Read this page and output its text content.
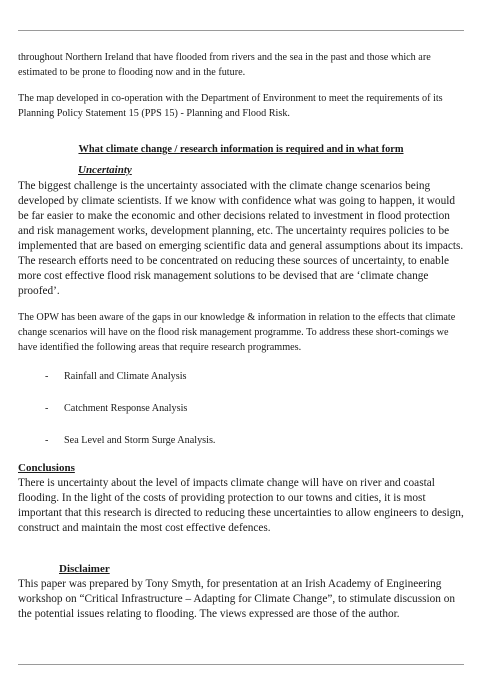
throughout Northern Ireland that have flooded from rivers and the sea in the past and those which are estimated to be prone to flooding now and in the future.

The map developed in co-operation with the Department of Environment to meet the requirements of its Planning Policy Statement 15 (PPS 15) - Planning and Flood Risk.

What climate change / research information is required and in what form

Uncertainty

The biggest challenge is the uncertainty associated with the climate change scenarios being developed by climate scientists. If we know with confidence what was going to happen, it would be far easier to make the economic and other decisions related to investment in flood protection and risk management works, development planning, etc. The uncertainty requires policies to be implemented that are based on emerging scientific data and general assumptions about its impacts. The research efforts need to be concentrated on reducing these sources of uncertainty, to enable more cost effective flood risk management solutions to be devised that are ‘climate change proofed’.

The OPW has been aware of the gaps in our knowledge & information in relation to the effects that climate change scenarios will have on the flood risk management programme. To address these short-comings we have identified the following areas that require research programmes.

- Rainfall and Climate Analysis
- Catchment Response Analysis
- Sea Level and Storm Surge Analysis.

Conclusions

There is uncertainty about the level of impacts climate change will have on river and coastal flooding. In the light of the costs of providing protection to our towns and cities, it is most important that this research is directed to reducing these uncertainties to allow engineers to design, construct and maintain the most cost effective defences.

Disclaimer

This paper was prepared by Tony Smyth, for presentation at an Irish Academy of Engineering workshop on “Critical Infrastructure – Adapting for Climate Change”, to stimulate discussion on the potential issues relating to flooding. The views expressed are those of the author.
